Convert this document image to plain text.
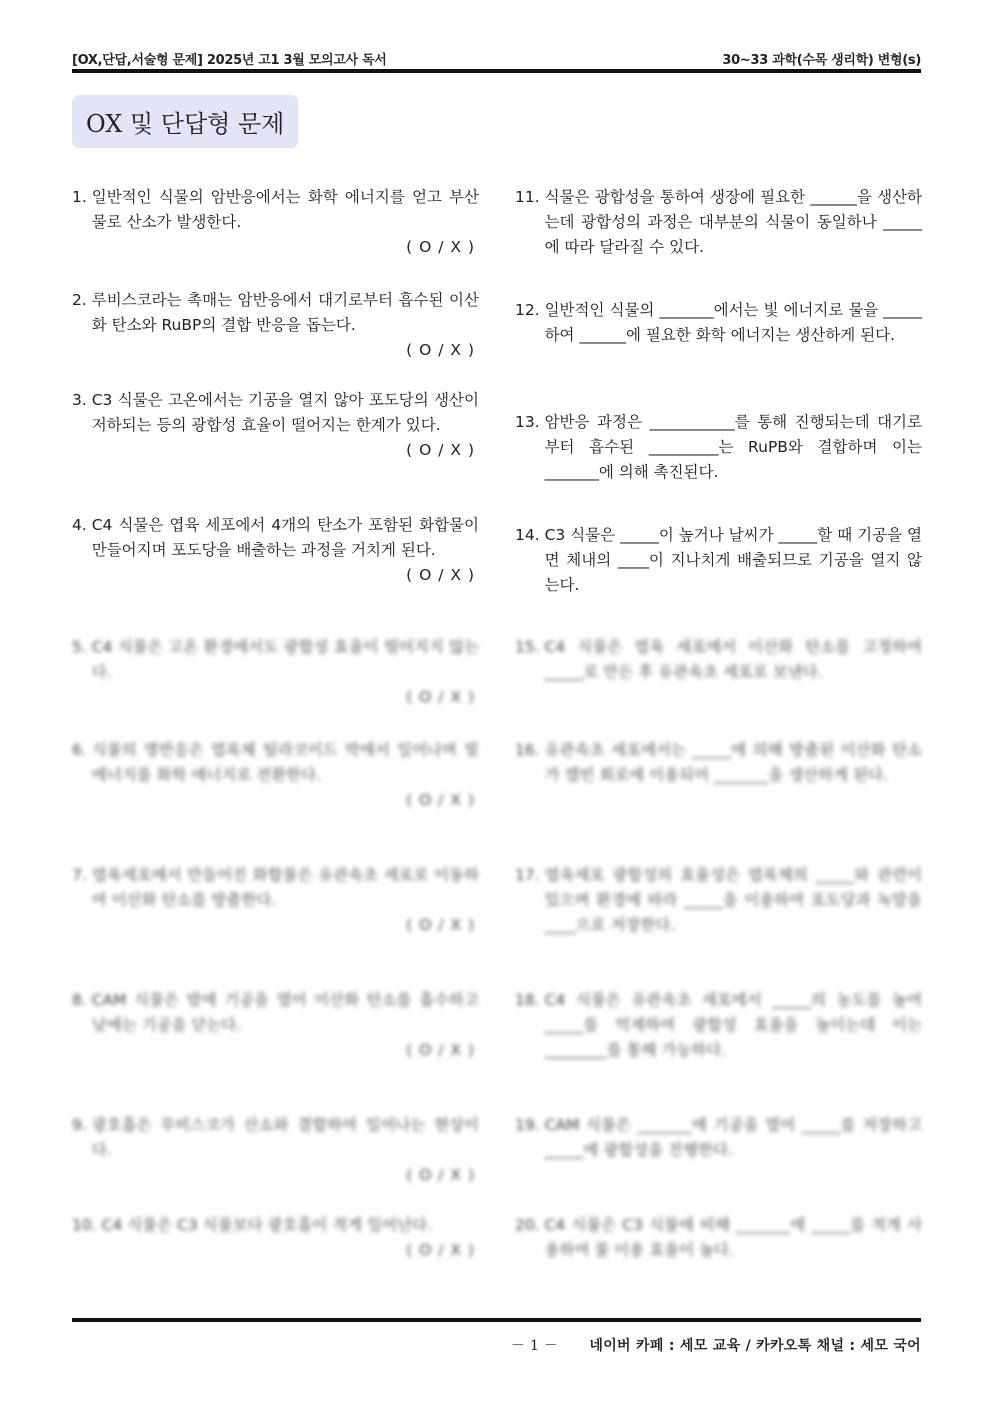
[OX,단답,서술형 문제] 2025년 고1 3월 모의고사 독서	30~33 과학(수목 생리학) 변형(s)
OX 및 단답형 문제
1. 일반적인 식물의 암반응에서는 화학 에너지를 얻고 부산물로 산소가 발생한다.
( O / X )
2. 루비스코라는 촉매는 암반응에서 대기로부터 흡수된 이산화 탄소와 RuBP의 결합 반응을 돕는다.
( O / X )
3. C3 식물은 고온에서는 기공을 열지 않아 포도당의 생산이 저하되는 등의 광합성 효율이 떨어지는 한계가 있다.
( O / X )
4. C4 식물은 엽육 세포에서 4개의 탄소가 포함된 화합물이 만들어지며 포도당을 배출하는 과정을 거치게 된다.
( O / X )
5. C4 식물은 고온 환경에서도 광합성 효율이 떨어지지 않는다.
( O / X )
6. 식물의 명반응은 엽록체 틸라코이드 막에서 일어나며 빛 에너지를 화학 에너지로 전환한다.
( O / X )
7. 엽육세포에서 만들어진 화합물은 유관속초 세포로 이동하여 이산화 탄소를 방출한다.
( O / X )
8. CAM 식물은 밤에 기공을 열어 이산화 탄소를 흡수하고 낮에는 기공을 닫는다.
( O / X )
9. 광호흡은 루비스코가 산소와 결합하여 일어나는 현상이다.
( O / X )
10. C4 식물은 C3 식물보다 광호흡이 적게 일어난다.
( O / X )
11. 식물은 광합성을 통하여 생장에 필요한 ______을 생산하는데 광합성의 과정은 대부분의 식물이 동일하나 _____에 따라 달라질 수 있다.
12. 일반적인 식물의 _______에서는 빛 에너지로 물을 _____하여 ______에 필요한 화학 에너지는 생산하게 된다.
13. 암반응 과정은 ___________를 통해 진행되는데 대기로부터 흡수된 _________는 RuPB와 결합하며 이는 _______에 의해 촉진된다.
14. C3 식물은 _____이 높거나 날씨가 _____할 때 기공을 열면 체내의 ____이 지나치게 배출되므로 기공을 열지 않는다.
15. C4 식물은 엽육 세포에서 이산화 탄소를 고정하여 _____로 만든 후 유관속초 세포로 보낸다.
16. 유관속초 세포에서는 _____에 의해 방출된 이산화 탄소가 캘빈 회로에 이용되어 _______을 생산하게 된다.
17. 엽육세포 광합성의 효율성은 엽록체의 _____와 관련이 있으며 환경에 따라 _____을 이용하여 포도당과 녹말을 ____으로 저장한다.
18. C4 식물은 유관속초 세포에서 _____의 농도를 높여 _____를 억제하여 광합성 효율을 높이는데 이는 ________를 통해 가능하다.
19. CAM 식물은 _______에 기공을 열어 _____를 저장하고 _____에 광합성을 진행한다.
20. C4 식물은 C3 식물에 비해 _______에 _____를 적게 사용하여 물 이용 효율이 높다.
－ 1 － 네이버 카페 : 세모 교육 / 카카오톡 채널 : 세모 국어
